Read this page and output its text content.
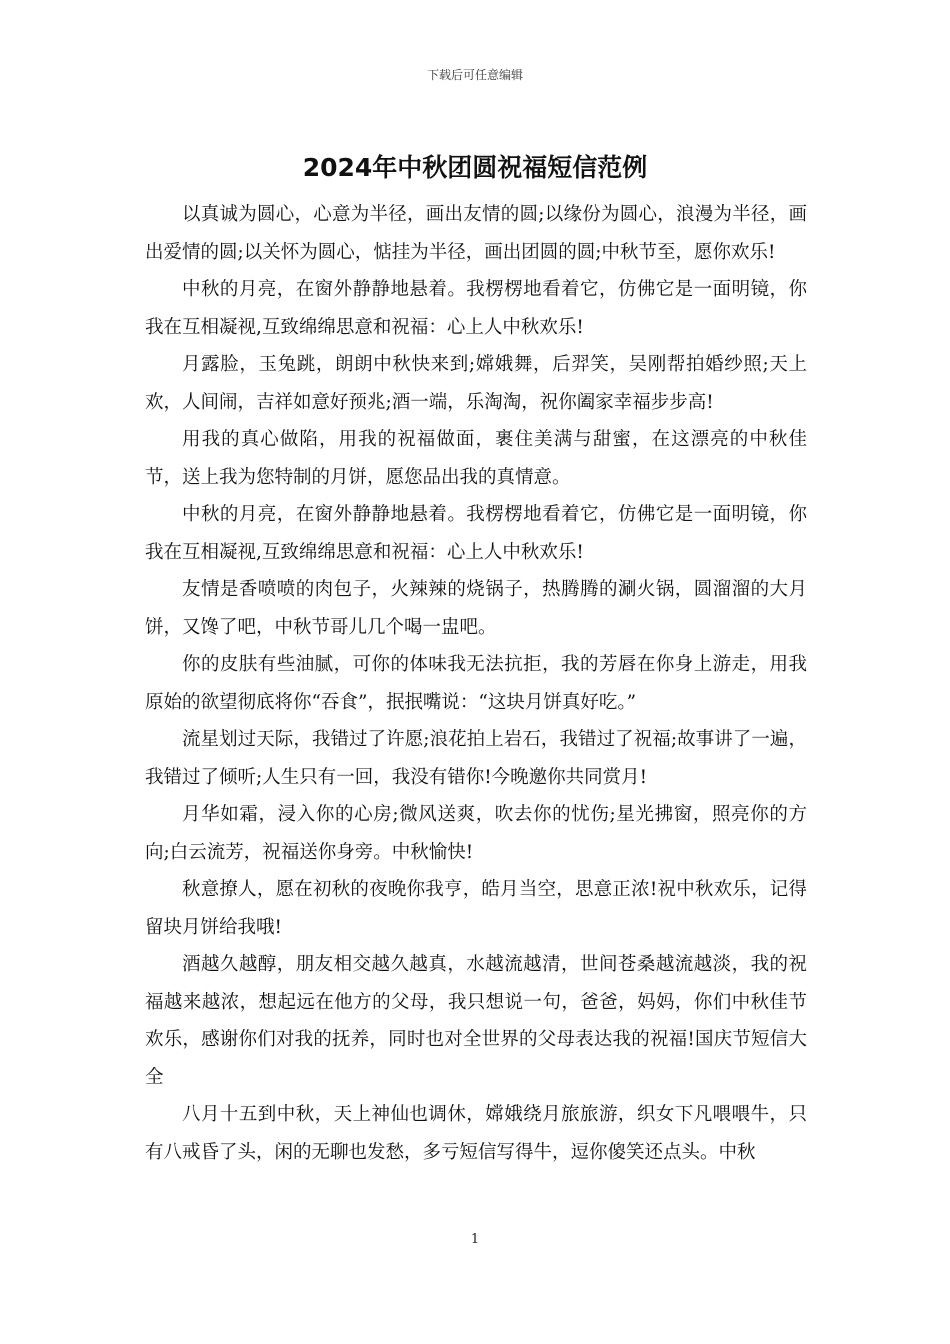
下载后可任意编辑
2024年中秋团圆祝福短信范例

以真诚为圆心，心意为半径，画出友情的圆;以缘份为圆心，浪漫为半径，画出爱情的圆;以关怀为圆心，惦挂为半径，画出团圆的圆;中秋节至，愿你欢乐!

中秋的月亮，在窗外静静地悬着。我楞楞地看着它，仿佛它是一面明镜，你我在互相凝视,互致绵绵思意和祝福：心上人中秋欢乐!

月露脸，玉兔跳，朗朗中秋快来到;嫦娥舞，后羿笑，吴刚帮拍婚纱照;天上欢，人间闹，吉祥如意好预兆;酒一端，乐淘淘，祝你阖家幸福步步高!

用我的真心做陷，用我的祝福做面，裹住美满与甜蜜，在这漂亮的中秋佳节，送上我为您特制的月饼，愿您品出我的真情意。

中秋的月亮，在窗外静静地悬着。我楞楞地看着它，仿佛它是一面明镜，你我在互相凝视,互致绵绵思意和祝福：心上人中秋欢乐!

友情是香喷喷的肉包子，火辣辣的烧锅子，热腾腾的涮火锅，圆溜溜的大月饼，又馋了吧，中秋节哥儿几个喝一盅吧。

你的皮肤有些油腻，可你的体味我无法抗拒，我的芳唇在你身上游走，用我原始的欲望彻底将你“吞食”，抿抿嘴说：“这块月饼真好吃。”

流星划过天际，我错过了许愿;浪花拍上岩石，我错过了祝福;故事讲了一遍，我错过了倾听;人生只有一回，我没有错你!今晚邀你共同赏月!

月华如霜，浸入你的心房;微风送爽，吹去你的忧伤;星光拂窗，照亮你的方向;白云流芳，祝福送你身旁。中秋愉快!

秋意撩人，愿在初秋的夜晚你我亨，皓月当空，思意正浓!祝中秋欢乐，记得留块月饼给我哦!

酒越久越醇，朋友相交越久越真，水越流越清，世间苍桑越流越淡，我的祝福越来越浓，想起远在他方的父母，我只想说一句，爸爸，妈妈，你们中秋佳节欢乐，感谢你们对我的抚养，同时也对全世界的父母表达我的祝福!国庆节短信大全

八月十五到中秋，天上神仙也调休，嫦娥绕月旅旅游，织女下凡喂喂牛，只有八戒昏了头，闲的无聊也发愁，多亏短信写得牛，逗你傻笑还点头。中秋

1
